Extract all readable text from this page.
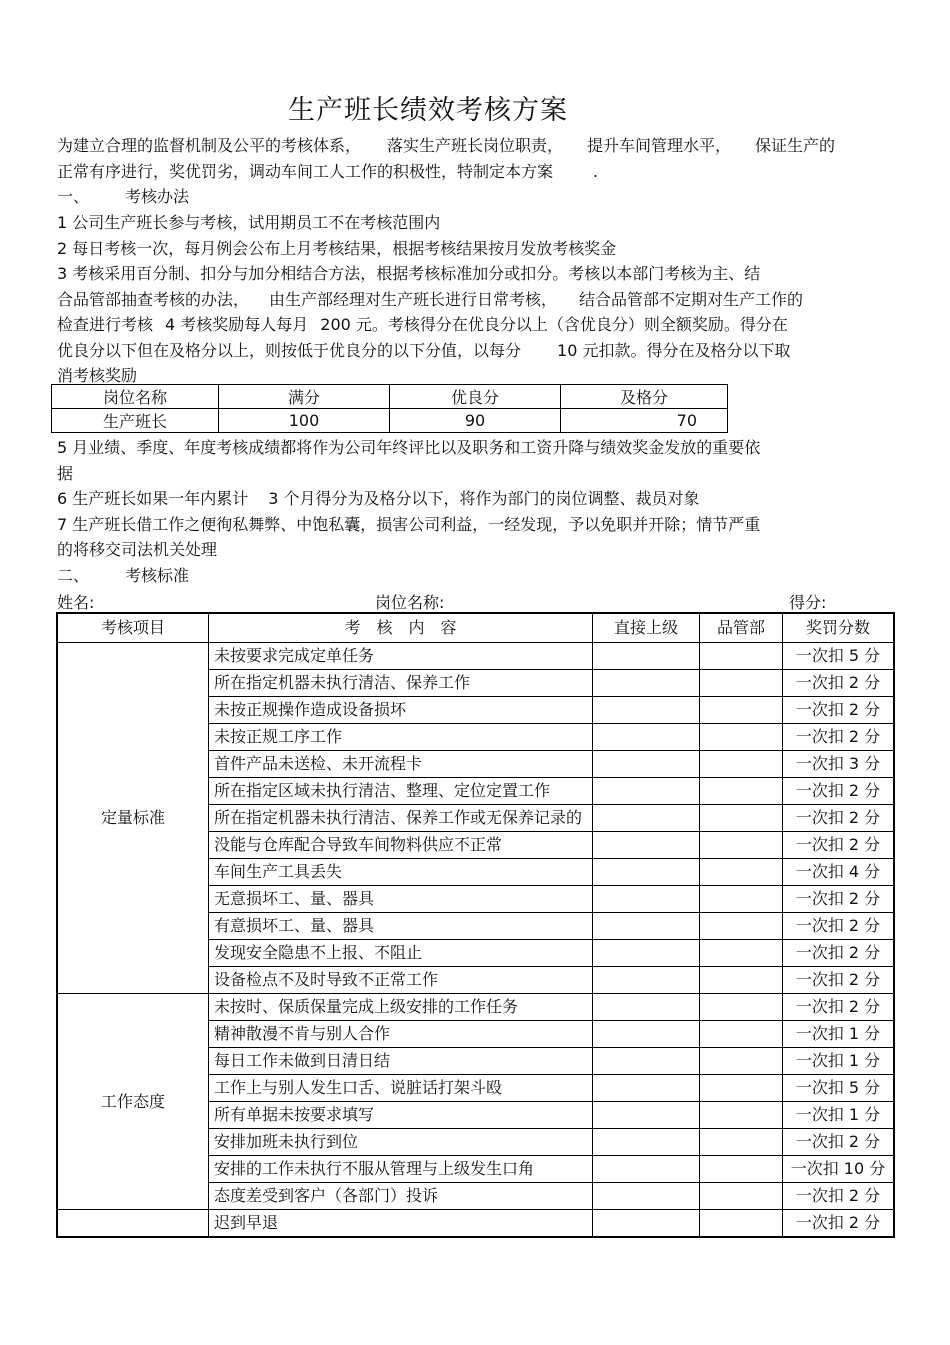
生产班长绩效考核方案
为建立合理的监督机制及公平的考核体系， 落实生产班长岗位职责， 提升车间管理水平， 保证生产的
正常有序进行，奖优罚劣，调动车间工人工作的积极性，特制定本方案	.
一、 考核办法
1 公司生产班长参与考核，试用期员工不在考核范围内
2 每日考核一次，每月例会公布上月考核结果，根据考核结果按月发放考核奖金
3 考核采用百分制、扣分与加分相结合方法，根据考核标准加分或扣分。考核以本部门考核为主、结
合品管部抽查考核的办法， 由生产部经理对生产班长进行日常考核， 结合品管部不定期对生产工作的
检查进行考核 4 考核奖励每人每月 200 元。考核得分在优良分以上（含优良分）则全额奖励。得分在
优良分以下但在及格分以上，则按低于优良分的以下分值，以每分 10 元扣款。得分在及格分以下取
消考核奖励
岗位名称	满分	优良分	及格分
生产班长	100	90	70
5 月业绩、季度、年度考核成绩都将作为公司年终评比以及职务和工资升降与绩效奖金发放的重要依
据
6 生产班长如果一年内累计 3 个月得分为及格分以下，将作为部门的岗位调整、裁员对象
7 生产班长借工作之便徇私舞弊、中饱私囊，损害公司利益，一经发现，予以免职并开除；情节严重
的将移交司法机关处理
二、 考核标准
姓名:	岗位名称:	得分:
考核项目	考　核　内　容	直接上级	品管部	奖罚分数
定量标准	未按要求完成定单任务			一次扣 5 分
	所在指定机器未执行清洁、保养工作			一次扣 2 分
	未按正规操作造成设备损坏			一次扣 2 分
	未按正规工序工作			一次扣 2 分
	首件产品未送检、未开流程卡			一次扣 3 分
	所在指定区域未执行清洁、整理、定位定置工作			一次扣 2 分
	所在指定机器未执行清洁、保养工作或无保养记录的			一次扣 2 分
	没能与仓库配合导致车间物料供应不正常			一次扣 2 分
	车间生产工具丢失			一次扣 4 分
	无意损坏工、量、器具			一次扣 2 分
	有意损坏工、量、器具			一次扣 2 分
	发现安全隐患不上报、不阻止			一次扣 2 分
	设备检点不及时导致不正常工作			一次扣 2 分
工作态度	未按时、保质保量完成上级安排的工作任务			一次扣 2 分
	精神散漫不肯与别人合作			一次扣 1 分
	每日工作未做到日清日结			一次扣 1 分
	工作上与别人发生口舌、说脏话打架斗殴			一次扣 5 分
	所有单据未按要求填写			一次扣 1 分
	安排加班未执行到位			一次扣 2 分
	安排的工作未执行不服从管理与上级发生口角			一次扣 10 分
	态度差受到客户（各部门）投诉			一次扣 2 分
	迟到早退			一次扣 2 分
